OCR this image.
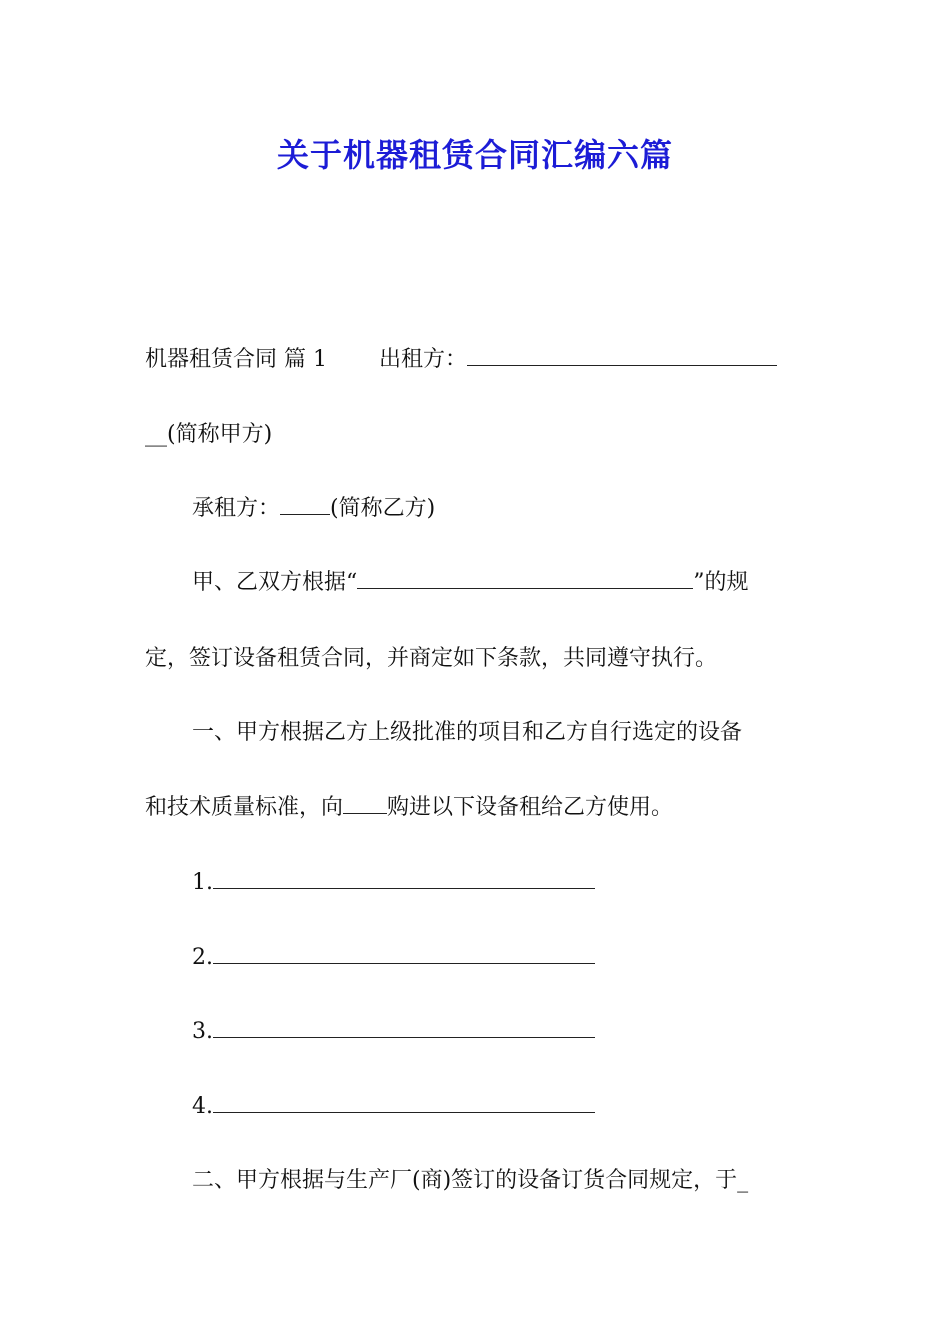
关于机器租赁合同汇编六篇
机器租赁合同 篇 1 出租方：
__(简称甲方)
承租方： (简称乙方)
甲、乙双方根据“	”的规
定，签订设备租赁合同，并商定如下条款，共同遵守执行。
一、甲方根据乙方上级批准的项目和乙方自行选定的设备
和技术质量标准，向 购进以下设备租给乙方使用。
1.
2.
3.
4.
二、甲方根据与生产厂(商)签订的设备订货合同规定，于_
